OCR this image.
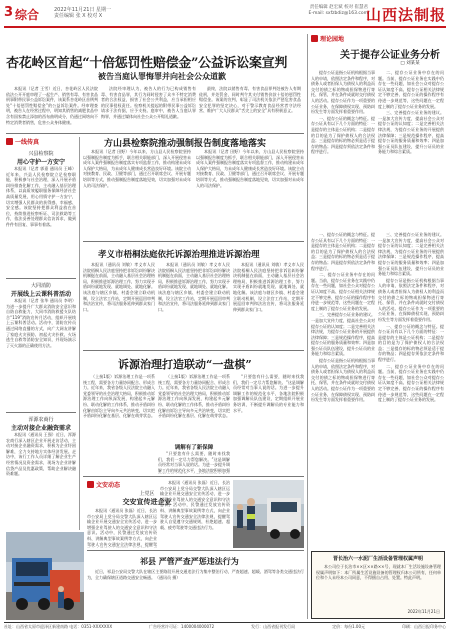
3 综合	2022年11月21日 星期一
责任编辑 张 X 校对 X
责任编辑 赵宏斌 校对 崔慧君
E-mail: sxfzbdiz@163.com
山西法制报
杏花岭区首起“十倍惩罚性赔偿金”公益诉讼案宣判
被告当庭认罪悔罪并向社会公众道歉

本报讯（记者 王雪）近日，杏花岭区人民法院依法公开开庭审理了一起生产、销售有毒、有害食品刑事附带民事公益诉讼案件，该案系杏花岭区首例判处“十倍惩罚性赔偿金”的公益诉讼案件。经审理查明，被告人在经营过程中，明知其销售的减肥食品中含有国家禁止添加的西布曲明成分，仍通过网络向不特定消费者销售，危害公众身体健康。

法院经审理认为，被告人的行为已构成销售有毒、有害食品罪，其行为同时侵害了众多不特定消费者的合法权益，损害了社会公共利益，应当承担相应的民事侵权责任。检察机关提起的附带民事公益诉讼请求于法有据，应予支持。庭审中，被告人当庭认罪悔罪，并通过媒体向社会公众公开赔礼道歉。

最终，法院以销售有毒、有害食品罪判处被告人有期徒刑，并处罚金，同时判令其支付销售价款十倍的惩罚性赔偿金。该案的宣判，彰显了司法机关依法严惩危害食品安全犯罪的坚定决心，对于警示教育食品经营者守法经营、维护广大人民群众“舌尖上的安全”具有积极意义。

一线传真
兴县检察院
用心守护一方安宁

本报讯（记者 郭嘉 通讯员 王峰）近年来，兴县人民检察院立足检察职能，积极参与社会治理，深入开展矛盾纠纷排查化解工作，主动融入基层治理体系，以高质效履职服务保障经济社会高质量发展，用心用情守护一方安宁，切实增强人民群众的获得感、幸福感、安全感。该院坚持把群众利益放在首位，持续推进检察听证、司法救助等工作，依法妥善处理群众信访诉求，做到件件有回复、事事有着落。

大同消防
开展线上云课科普活动

本报讯（记者 张华 通讯员 李明）为进一步提升广大群众消防安全意识和自防自救能力，大同市消防救援支队结合“119”消防宣传月活动，组织开展线上云课科普活动。活动中，消防宣传员通过网络直播的方式，向广大网友讲解了家庭火灾预防、初起火灾扑救、火场逃生自救等消防安全知识，并现场演示了灭火器的正确使用方法。

浑源农商行
主动对接企业融资需求

本报讯（通讯员 王强）近日，浑源农商行深入辖区企业开展走访活动，主动对接企业融资需求，积极为企业纾困解难，全力支持地方实体经济发展。走访中，该行工作人员详细了解企业生产经营情况及资金需求，现场为企业讲解信贷产品及优惠政策，帮助企业解决融资难题。

方山县检察院推动强制报告制度落地落实

本报讯（记者 田野）今年以来，方山县人民检察院坚持以强制报告制度为抓手，联合相关职能部门，深入开展侵害未成年人案件强制报告制度落实专项监督工作，推动构建未成年人保护大格局，为未成年人健康成长营造良好环境。该院主动对接教育、民政、卫健等部门，通过召开联席会议、开展专题培训等方式，推动强制报告制度落地见效，切实加强对未成年人的司法保护。

本报讯（记者 田野）今年以来，方山县人民检察院坚持以强制报告制度为抓手，联合相关职能部门，深入开展侵害未成年人案件强制报告制度落实专项监督工作，推动构建未成年人保护大格局，为未成年人健康成长营造良好环境。该院主动对接教育、民政、卫健等部门，通过召开联席会议、开展专题培训等方式，推动强制报告制度落地见效，切实加强对未成年人的司法保护。

孝义市梧桐法庭依托诉源治理推进诉源治理

本报讯（通讯员 刘敏）孝义市人民法院梧桐人民法庭坚持把非诉讼纠纷解决机制挺在前面，主动融入基层社会治理格局，积极推进诉源治理工作，努力实现矛盾纠纷就地发现、就地调处、就地化解。该法庭与辖区乡镇、村委会建立联动机制，设立法官工作站，定期开展巡回审判和法治宣传，将司法服务延伸到群众家门口。

本报讯（通讯员 刘敏）孝义市人民法院梧桐人民法庭坚持把非诉讼纠纷解决机制挺在前面，主动融入基层社会治理格局，积极推进诉源治理工作，努力实现矛盾纠纷就地发现、就地调处、就地化解。该法庭与辖区乡镇、村委会建立联动机制，设立法官工作站，定期开展巡回审判和法治宣传，将司法服务延伸到群众家门口。

本报讯（通讯员 刘敏）孝义市人民法院梧桐人民法庭坚持把非诉讼纠纷解决机制挺在前面，主动融入基层社会治理格局，积极推进诉源治理工作，努力实现矛盾纠纷就地发现、就地调处、就地化解。该法庭与辖区乡镇、村委会建立联动机制，设立法官工作站，定期开展巡回审判和法治宣传，将司法服务延伸到群众家门口。

诉源治理打造联动“一盘棋”

（上接1版）诉源治理工作是一项系统工程，需要各方力量协同配合、形成合力。近年来，我省各级人民法院主动融入党委领导的社会治理大格局，积极推动诉源治理工作向纵深发展，构建起多元解纷、联动化解的工作体系，推动矛盾纠纷化解由诉讼主导向多元共治转变，切实把矛盾纠纷化解在基层、化解在萌芽状态。

（上接1版）诉源治理工作是一项系统工程，需要各方力量协同配合、形成合力。近年来，我省各级人民法院主动融入党委领导的社会治理大格局，积极推动诉源治理工作向纵深发展，构建起多元解纷、联动化解的工作体系，推动矛盾纠纷化解由诉讼主导向多元共治转变，切实把矛盾纠纷化解在基层、化解在萌芽状态。

调解有了新保障

“只要您有什么需要，随时来找我们，我们一定尽力帮您解决。”这是调解员经常对当事人说的话。为进一步提升调解工作的规范化水平，各地法院积极加强

“只要您有什么需要，随时来找我们，我们一定尽力帮您解决。”这是调解员经常对当事人说的话。为进一步提升调解工作的规范化水平，各地法院积极加强调解员队伍建设，定期组织开展业务培训，不断提升调解员的专业能力和水平。

文安动态
上党区
交安宣传进企业

本报讯（通讯员 张磊）近日，长治市公安局上党分局交警大队深入辖区运输企业开展交通安全宣传活动，进一步增强企业驾驶人的交通安全意识和守法意识。活动中，民警通过发放宣传资料、讲解典型事故案例等方式，向企业驾驶人宣传交通安全法律法规，提醒驾

本报讯（通讯员 张磊）近日，长治市公安局上党分局交警大队深入辖区运输企业开展交通安全宣传活动，进一步增强企业驾驶人的交通安全意识和守法意识。活动中，民警通过发放宣传资料、讲解典型事故案例等方式，向企业驾驶人宣传交通安全法律法规，提醒驾驶人自觉遵守交通规则，杜绝超速、超载、疲劳驾驶等交通违法行为。

祁县 严管严查严惩违法行为

近日，祁县公安局交警大队在辖区主要路段开展交通违法行为集中整治行动，严查超速、超载、酒驾等各类交通违法行为，全力确保辖区道路交通安全畅通。（通讯员 摄）

理论园地
关于提存公证业务分析
□ 刘某某

提存公证是指公证机构根据当事人的申请，依照法定条件和程序，对债务人或者担保人为债权人的利益而交付的债之标的物或担保物进行寄托、保管，并在条件成就时交付债权人的活动。提存公证作为一项重要的公证业务，在保障债权实现、预防纠纷发生等方面发挥着重要作用。

一、提存公证的概念与特征。提存公证具有以下几个方面的特征：一是提存的主体是公证机构；二是提存的目的是为了保护债权人的合法权益；三是提存的标的物必须是适于提存的物品；四是提存须依法定条件和程序进行。

二、提存公证业务中存在的问题。当前，提存公证业务在实践中仍存在一些问题，如社会公众对提存公证认知度不高、提存公证相关法律规定不够完善、提存公证的操作程序有待进一步规范等，这些问题在一定程度上制约了提存公证业务的发展。

三、完善提存公证业务的建议。一是加大宣传力度，提高社会公众对提存公证的认知度；二是完善相关法律法规，为提存公证业务的开展提供法律保障；三是规范操作程序，提高提存公证的服务质量和效率；四是加强公证员队伍建设，提升公证员的业务能力和综合素质。

一、提存公证的概念与特征。提存公证具有以下几个方面的特征：一是提存的主体是公证机构；二是提存的目的是为了保护债权人的合法权益；三是提存的标的物必须是适于提存的物品；四是提存须依法定条件和程序进行。

二、提存公证业务中存在的问题。当前，提存公证业务在实践中仍存在一些问题，如社会公众对提存公证认知度不高、提存公证相关法律规定不够完善、提存公证的操作程序有待进一步规范等，这些问题在一定程度上制约了提存公证业务的发展。

三、完善提存公证业务的建议。一是加大宣传力度，提高社会公众对提存公证的认知度；二是完善相关法律法规，为提存公证业务的开展提供法律保障；三是规范操作程序，提高提存公证的服务质量和效率；四是加强公证员队伍建设，提升公证员的业务能力和综合素质。

提存公证是指公证机构根据当事人的申请，依照法定条件和程序，对债务人或者担保人为债权人的利益而交付的债之标的物或担保物进行寄托、保管，并在条件成就时交付债权人的活动。提存公证作为一项重要的公证业务，在保障债权实现、预防纠纷发生等方面发挥着重要作用。

三、完善提存公证业务的建议。一是加大宣传力度，提高社会公众对提存公证的认知度；二是完善相关法律法规，为提存公证业务的开展提供法律保障；三是规范操作程序，提高提存公证的服务质量和效率；四是加强公证员队伍建设，提升公证员的业务能力和综合素质。

提存公证是指公证机构根据当事人的申请，依照法定条件和程序，对债务人或者担保人为债权人的利益而交付的债之标的物或担保物进行寄托、保管，并在条件成就时交付债权人的活动。提存公证作为一项重要的公证业务，在保障债权实现、预防纠纷发生等方面发挥着重要作用。

一、提存公证的概念与特征。提存公证具有以下几个方面的特征：一是提存的主体是公证机构；二是提存的目的是为了保护债权人的合法权益；三是提存的标的物必须是适于提存的物品；四是提存须依法定条件和程序进行。

二、提存公证业务中存在的问题。当前，提存公证业务在实践中仍存在一些问题，如社会公众对提存公证认知度不高、提存公证相关法律规定不够完善、提存公证的操作程序有待进一步规范等，这些问题在一定程度上制约了提存公证业务的发展。

晋长治六一水泥厂生活设备管理权属声明

本公司位于长治市××区××路××号，现就本厂生活设施设备管理权属声明如下：本厂所属生活设施设备的管理权归本公司所有，任何单位和个人未经本公司同意，不得擅自占用、处置。特此声明。

2022年11月21日
社址：山西省太原市迎泽区新建南路 电话：0351-XXXXXXX	广告经营许可证：1400004000072	发行：山西省报刊发行局	定价：每份1.00元	印刷：山西日报印务中心
